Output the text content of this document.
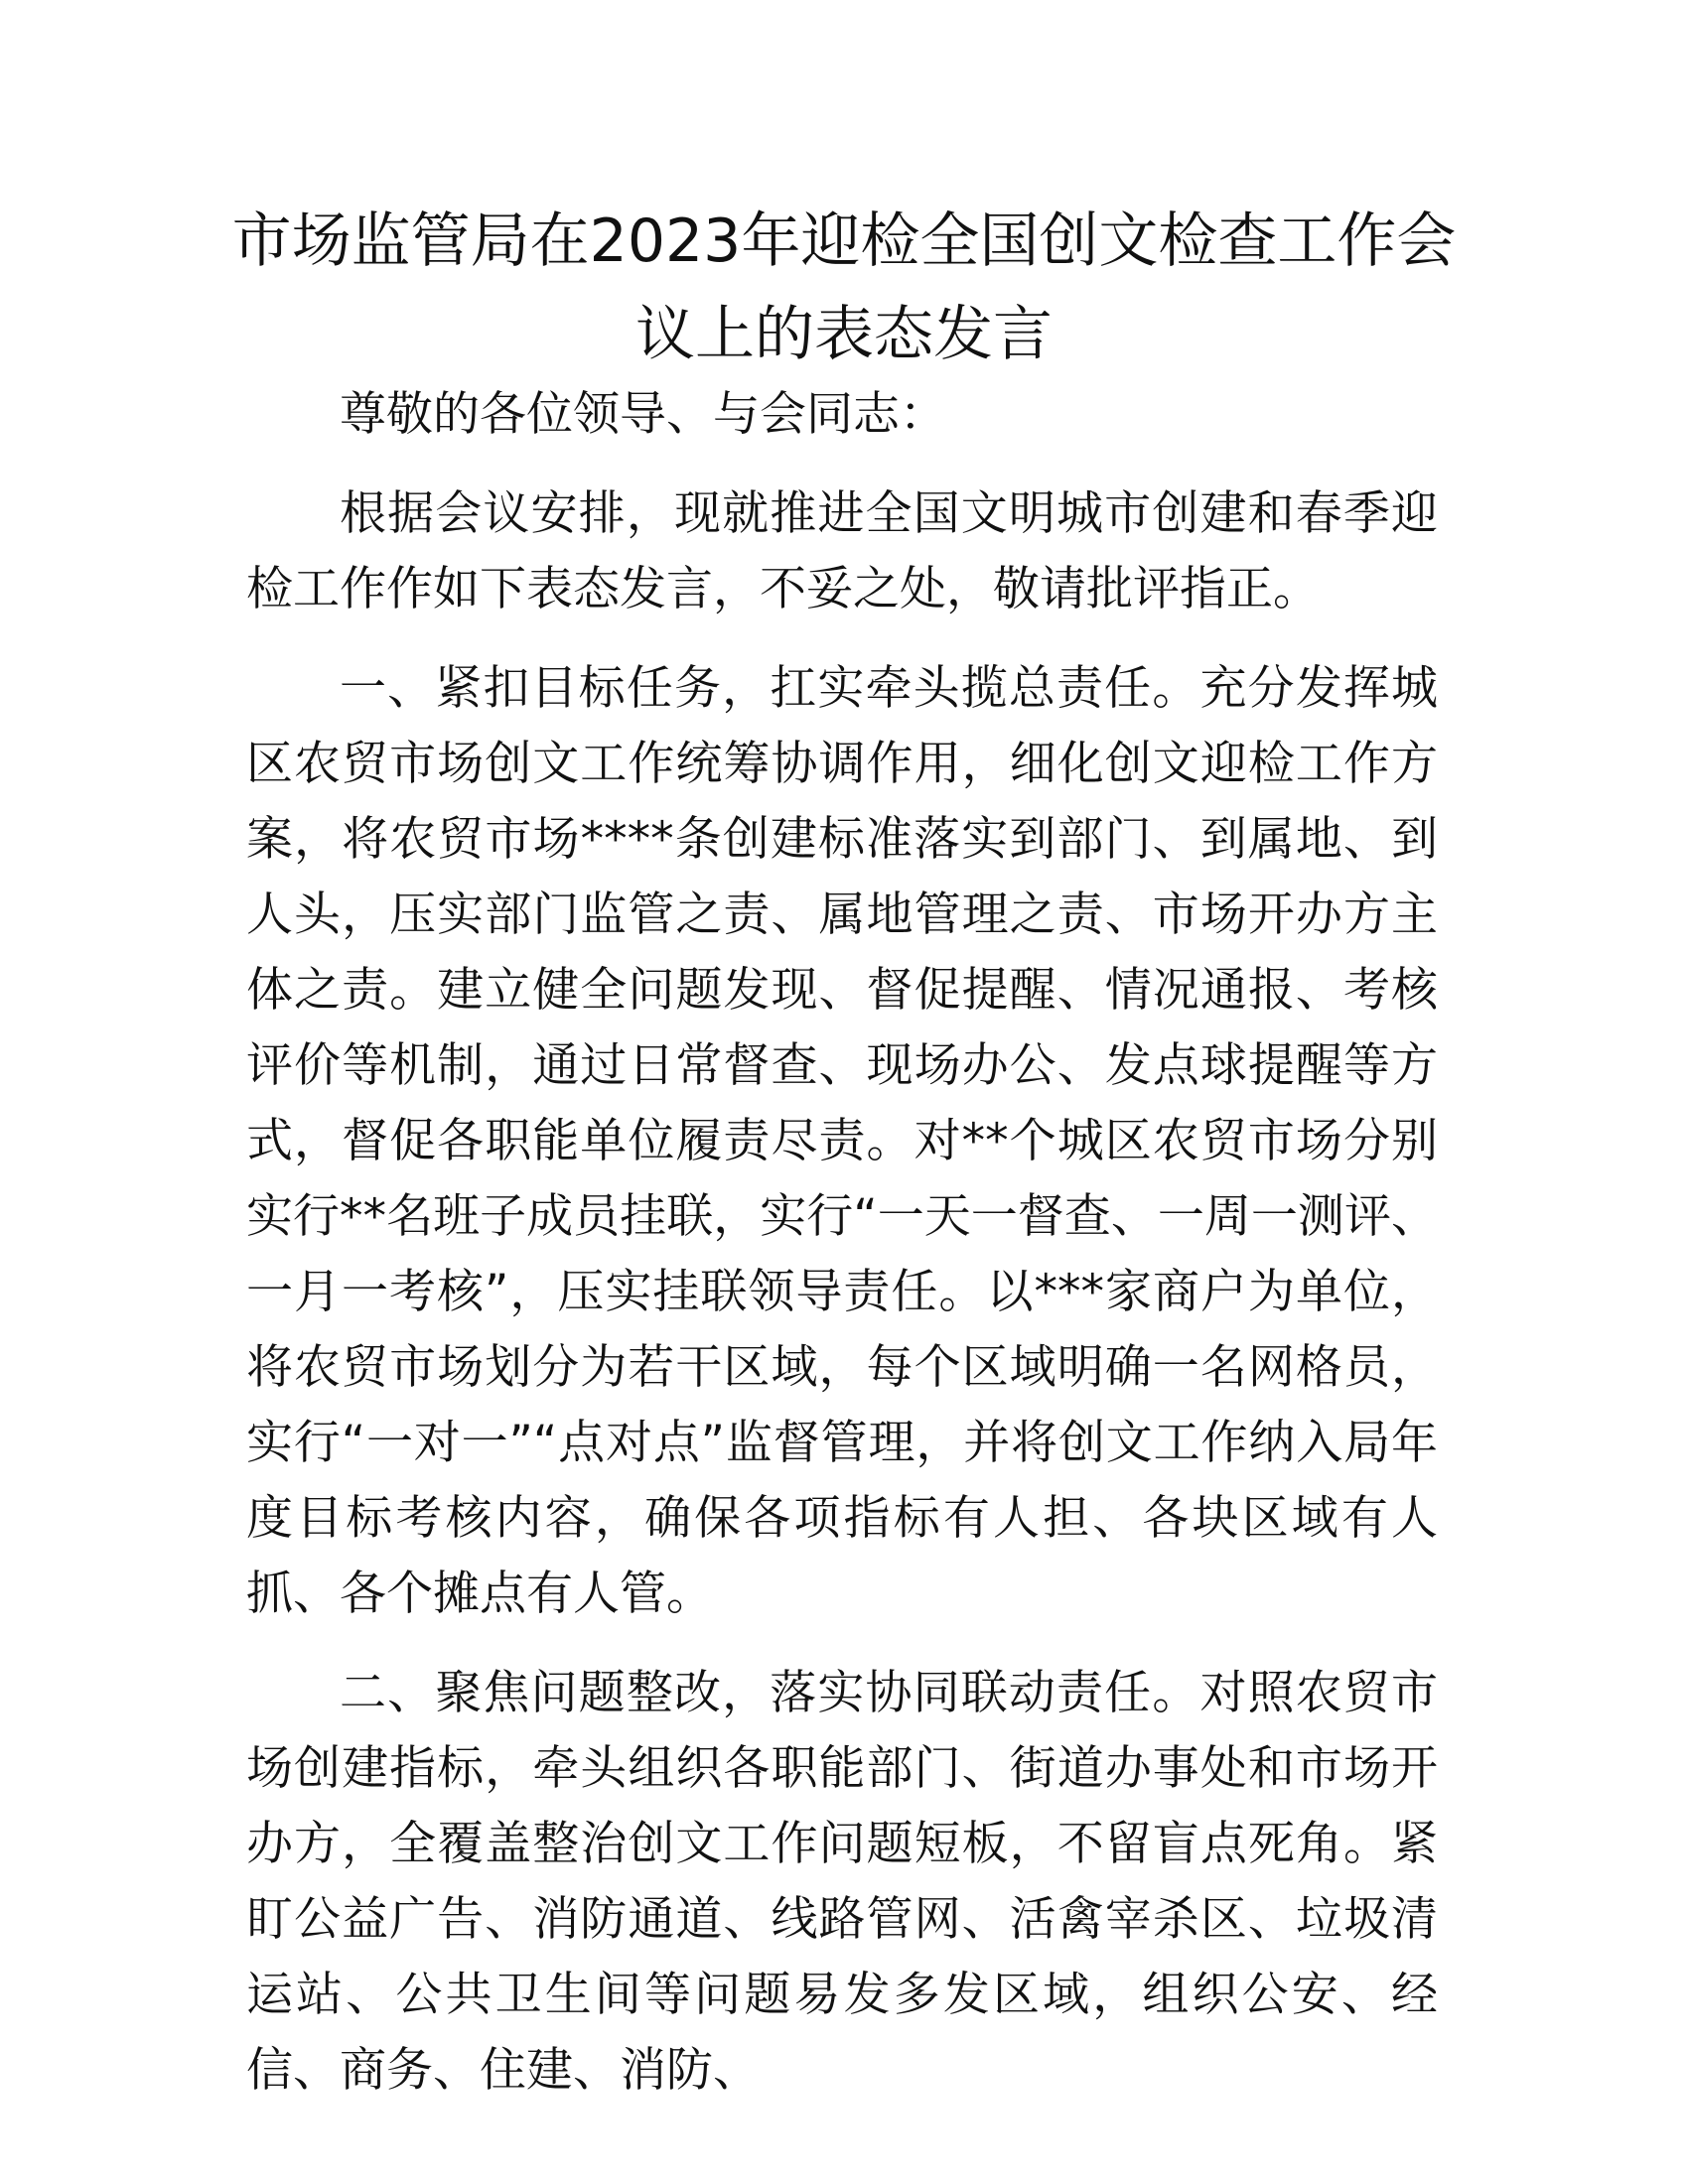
市场监管局在2023年迎检全国创文检查工作会议上的表态发言

尊敬的各位领导、与会同志：

根据会议安排，现就推进全国文明城市创建和春季迎检工作作如下表态发言，不妥之处，敬请批评指正。

一、紧扣目标任务，扛实牵头揽总责任。充分发挥城区农贸市场创文工作统筹协调作用，细化创文迎检工作方案，将农贸市场****条创建标准落实到部门、到属地、到人头，压实部门监管之责、属地管理之责、市场开办方主体之责。建立健全问题发现、督促提醒、情况通报、考核评价等机制，通过日常督查、现场办公、发点球提醒等方式，督促各职能单位履责尽责。对**个城区农贸市场分别实行**名班子成员挂联，实行“一天一督查、一周一测评、一月一考核”，压实挂联领导责任。以***家商户为单位，将农贸市场划分为若干区域，每个区域明确一名网格员，实行“一对一”“点对点”监督管理，并将创文工作纳入局年度目标考核内容，确保各项指标有人担、各块区域有人抓、各个摊点有人管。

二、聚焦问题整改，落实协同联动责任。对照农贸市场创建指标，牵头组织各职能部门、街道办事处和市场开办方，全覆盖整治创文工作问题短板，不留盲点死角。紧盯公益广告、消防通道、线路管网、活禽宰杀区、垃圾清运站、公共卫生间等问题易发多发区域，组织公安、经信、商务、住建、消防、
